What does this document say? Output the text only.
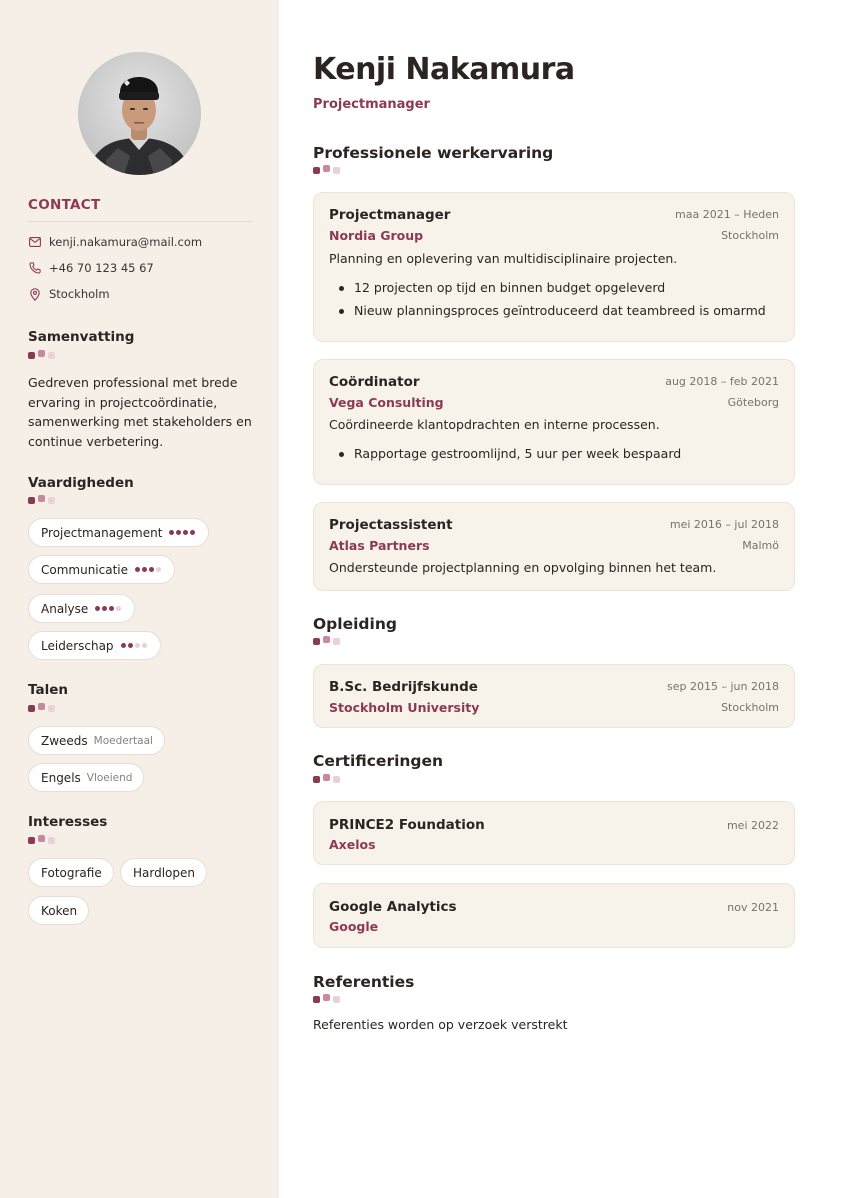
CONTACT
kenji.nakamura@mail.com
+46 70 123 45 67
Stockholm
Samenvatting
Gedreven professional met brede ervaring in projectcoördinatie, samenwerking met stakeholders en continue verbetering.
Vaardigheden
Projectmanagement
Communicatie
Analyse
Leiderschap
Talen
Zweeds Moedertaal
Engels Vloeiend
Interesses
Fotografie	Hardlopen
Koken
Kenji Nakamura
Projectmanager
Professionele werkervaring
Projectmanager
Nordia Group
maa 2021 – Heden
Stockholm
Planning en oplevering van multidisciplinaire projecten.
12 projecten op tijd en binnen budget opgeleverd
Nieuw planningsproces geïntroduceerd dat teambreed is omarmd
Coördinator
Vega Consulting
aug 2018 – feb 2021
Göteborg
Coördineerde klantopdrachten en interne processen.
Rapportage gestroomlijnd, 5 uur per week bespaard
Projectassistent
Atlas Partners
mei 2016 – jul 2018
Malmö
Ondersteunde projectplanning en opvolging binnen het team.
Opleiding
B.Sc. Bedrijfskunde
Stockholm University
sep 2015 – jun 2018
Stockholm
Certificeringen
PRINCE2 Foundation
Axelos
mei 2022
Google Analytics
Google
nov 2021
Referenties
Referenties worden op verzoek verstrekt
